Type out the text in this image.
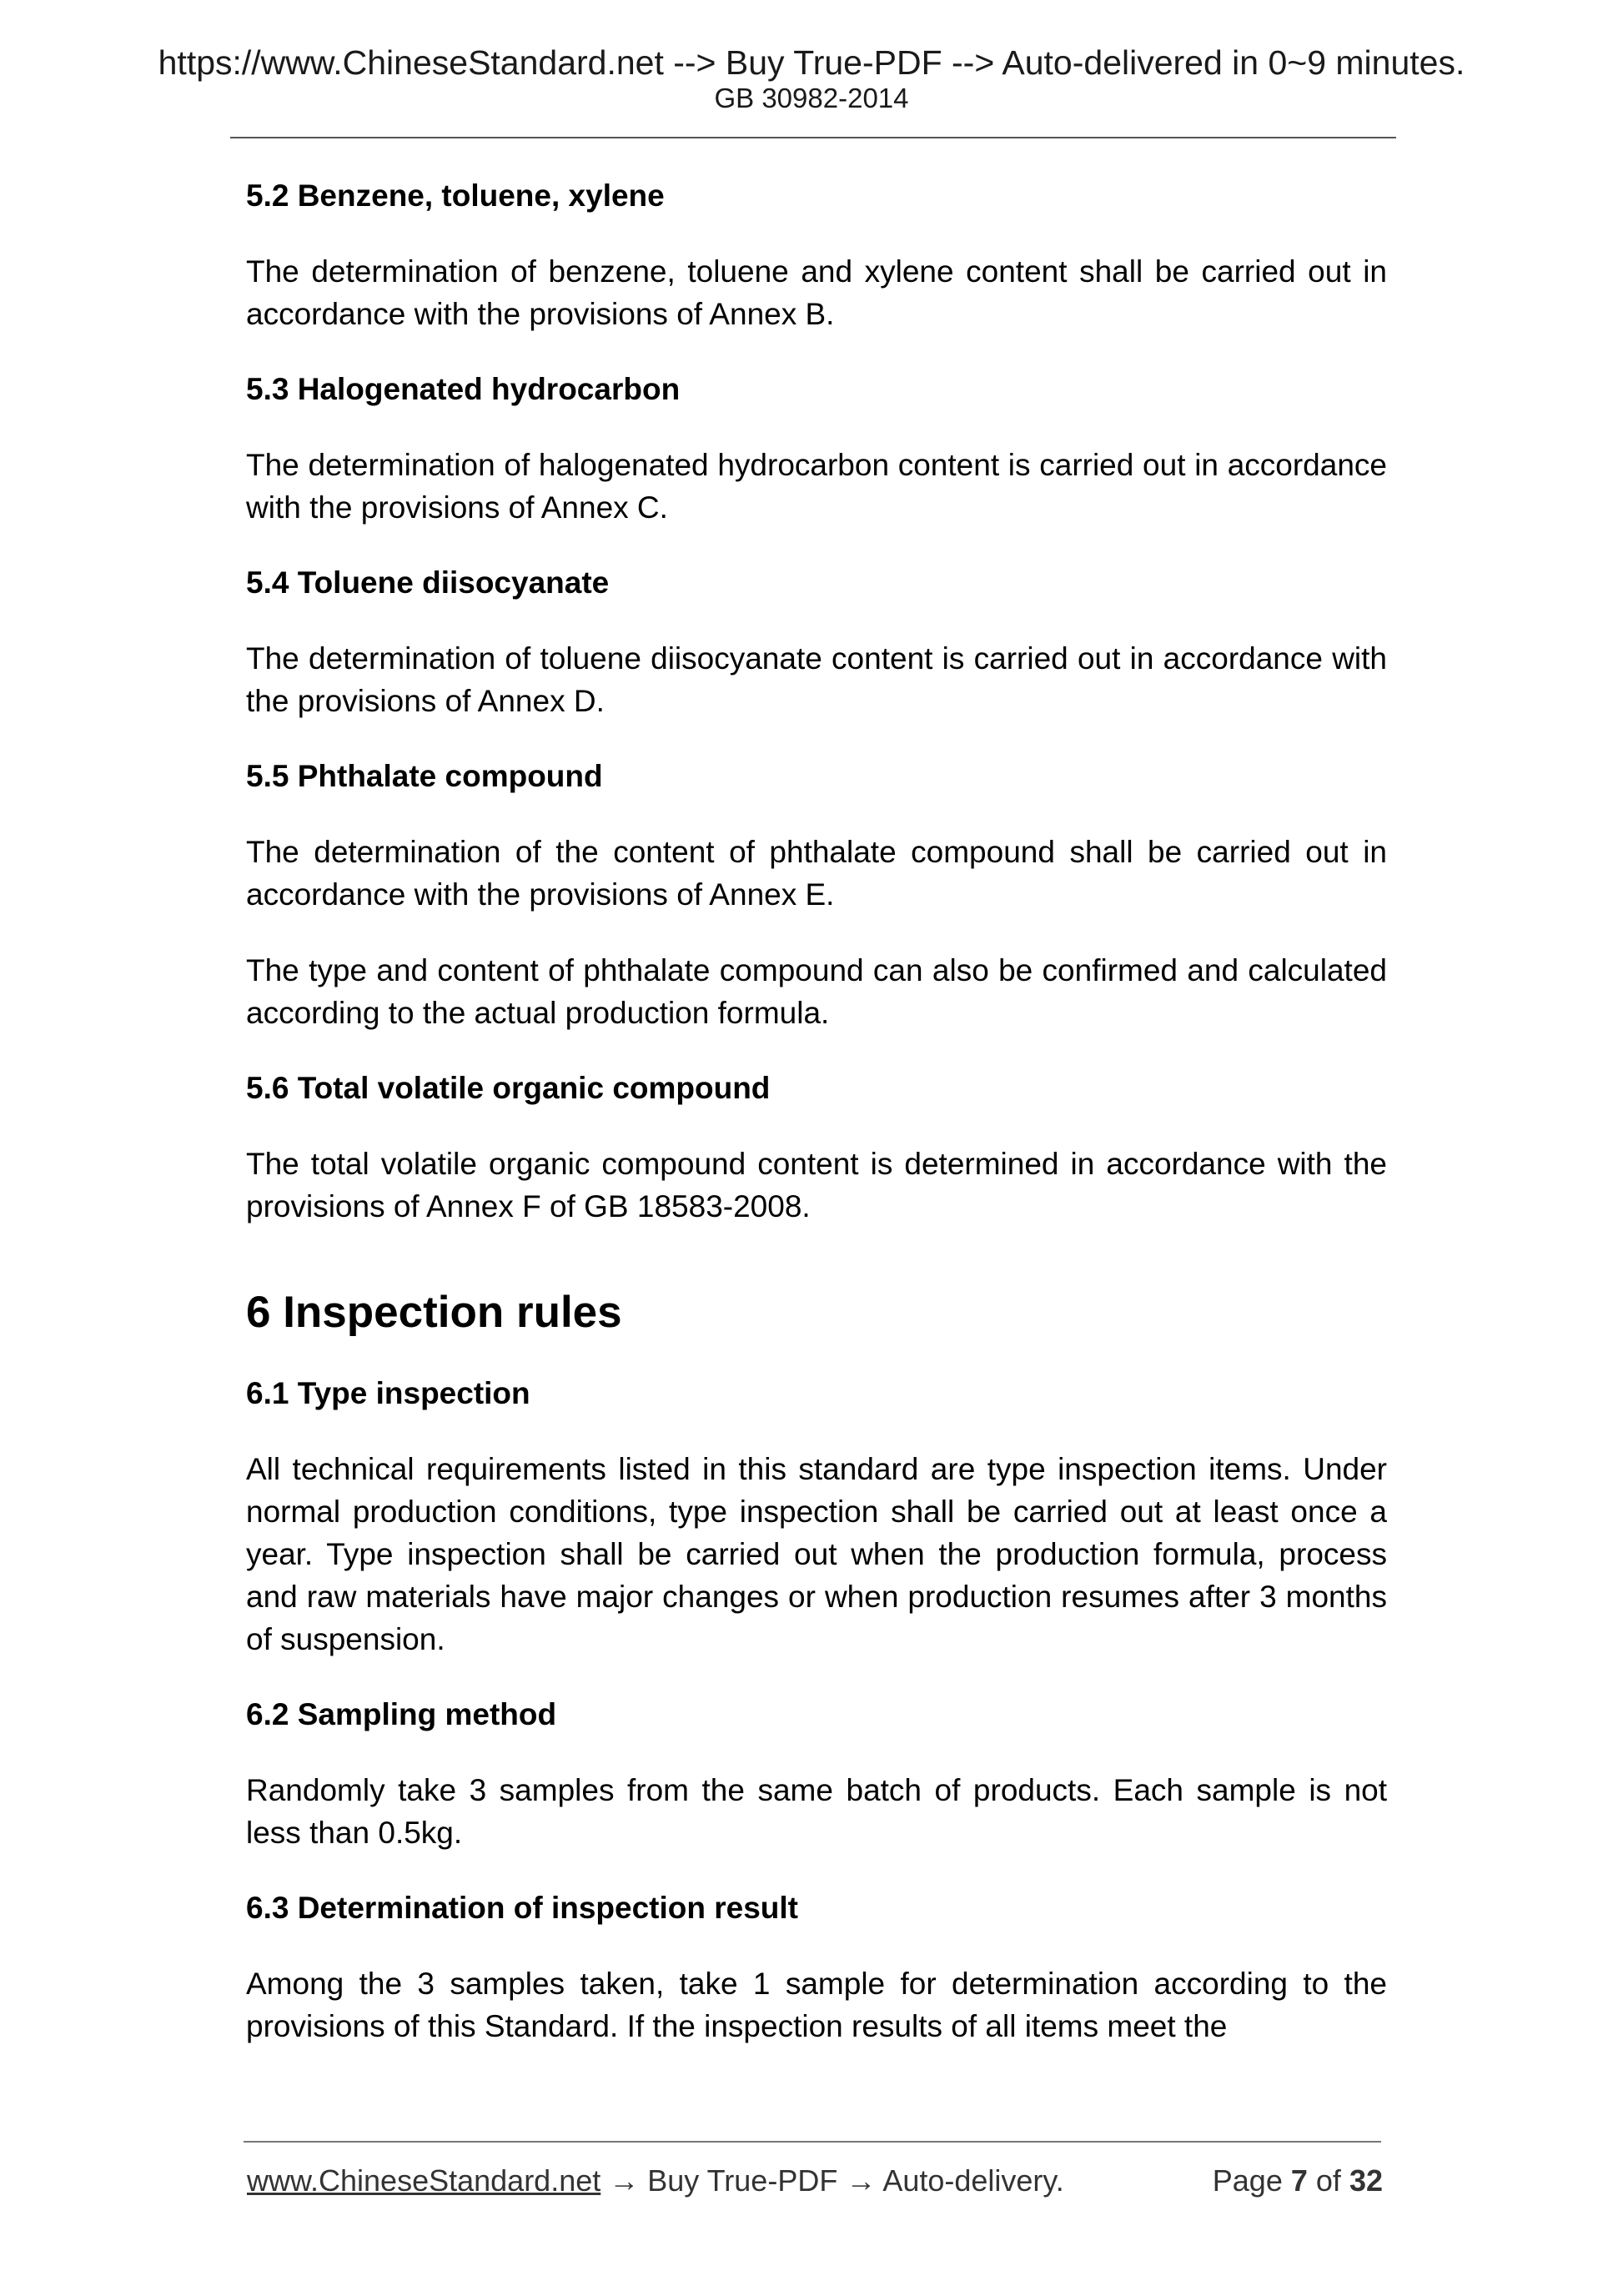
https://www.ChineseStandard.net --> Buy True-PDF --> Auto-delivered in 0~9 minutes.
GB 30982-2014
5.2 Benzene, toluene, xylene
The determination of benzene, toluene and xylene content shall be carried out in accordance with the provisions of Annex B.
5.3 Halogenated hydrocarbon
The determination of halogenated hydrocarbon content is carried out in accordance with the provisions of Annex C.
5.4 Toluene diisocyanate
The determination of toluene diisocyanate content is carried out in accordance with the provisions of Annex D.
5.5 Phthalate compound
The determination of the content of phthalate compound shall be carried out in accordance with the provisions of Annex E.
The type and content of phthalate compound can also be confirmed and calculated according to the actual production formula.
5.6 Total volatile organic compound
The total volatile organic compound content is determined in accordance with the provisions of Annex F of GB 18583-2008.
6 Inspection rules
6.1 Type inspection
All technical requirements listed in this standard are type inspection items. Under normal production conditions, type inspection shall be carried out at least once a year. Type inspection shall be carried out when the production formula, process and raw materials have major changes or when production resumes after 3 months of suspension.
6.2 Sampling method
Randomly take 3 samples from the same batch of products. Each sample is not less than 0.5kg.
6.3 Determination of inspection result
Among the 3 samples taken, take 1 sample for determination according to the provisions of this Standard. If the inspection results of all items meet the
www.ChineseStandard.net → Buy True-PDF → Auto-delivery.	Page 7 of 32
